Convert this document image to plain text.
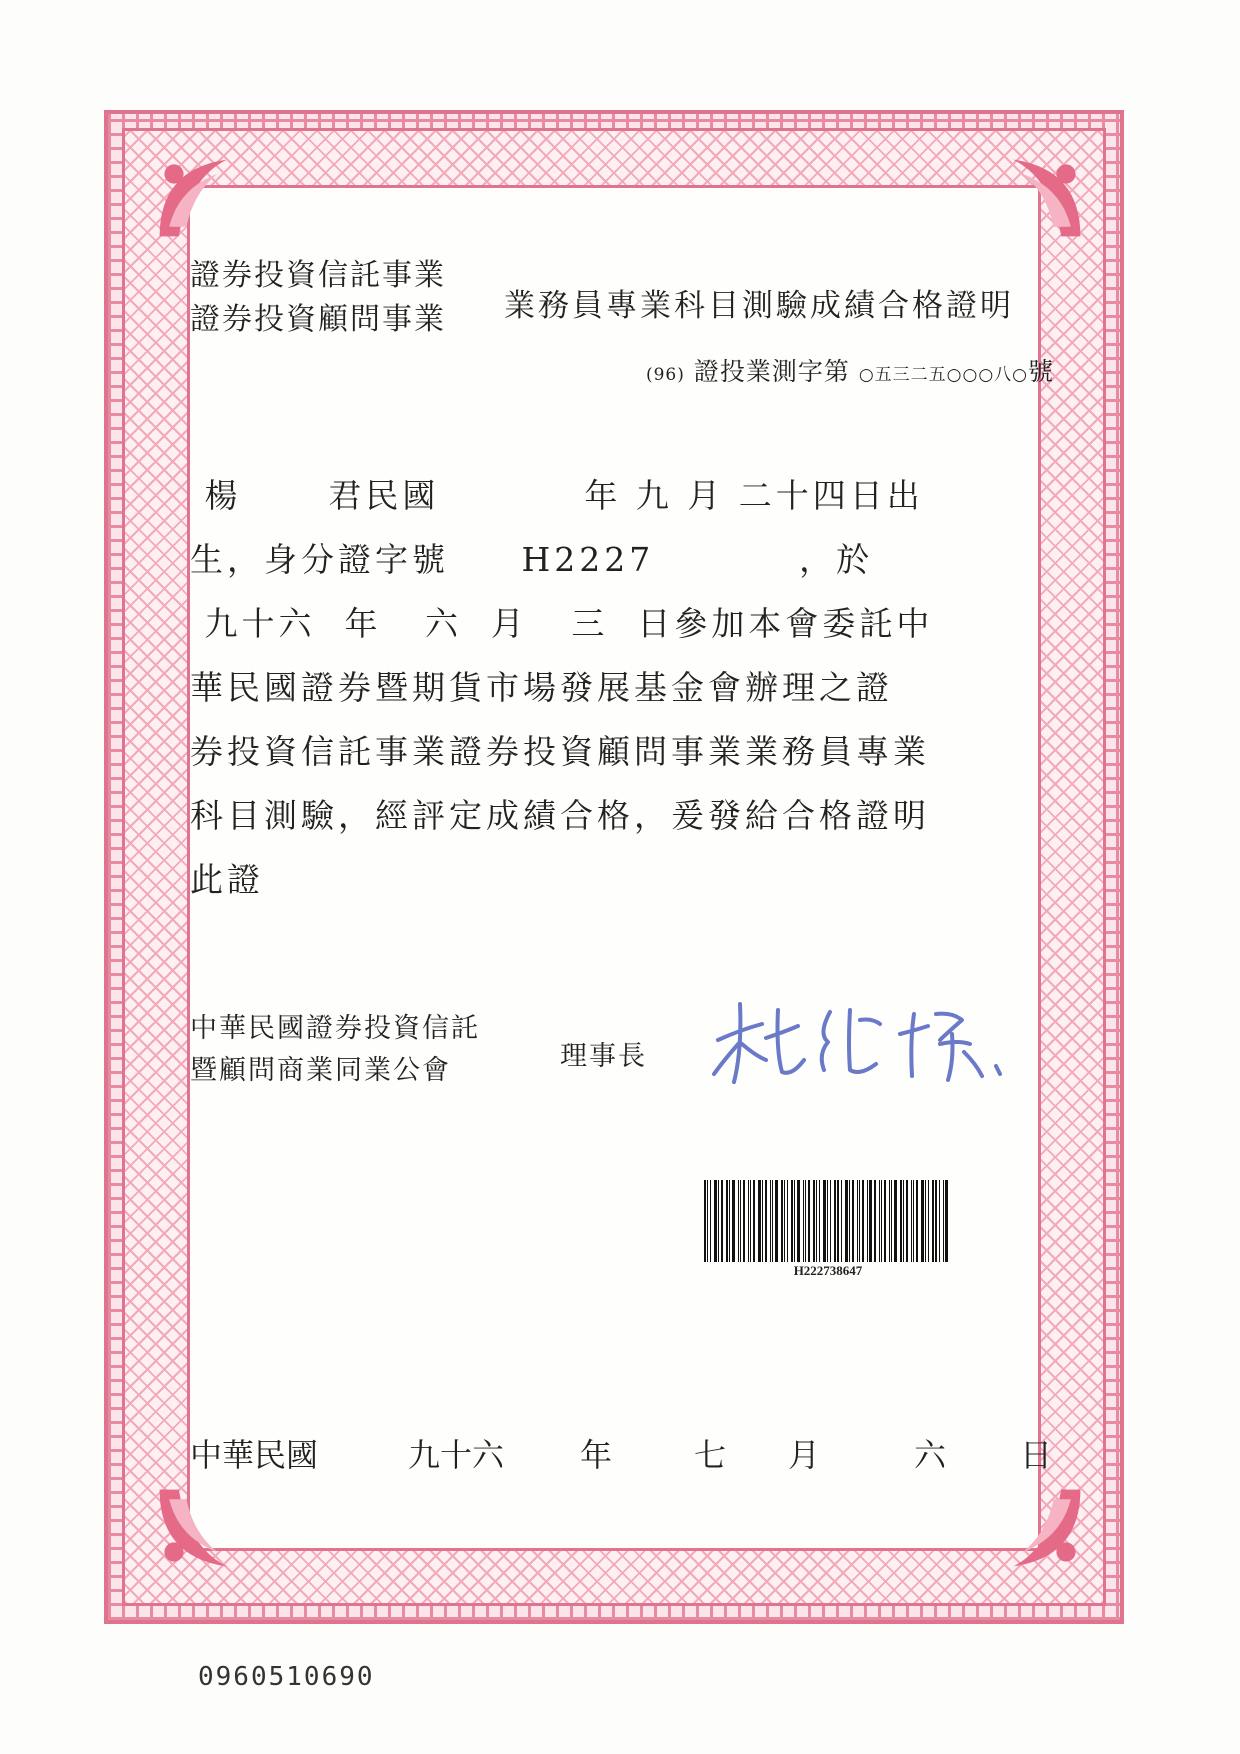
證券投資信託事業
證券投資顧問事業 業務員專業科目測驗成績合格證明
(96) 證投業測字第 ○五三二五○○○八○號
楊      君民國          年 九 月 二十四日出
生，身分證字號     H2227          ，於
九十六  年   六  月   三  日參加本會委託中
華民國證券暨期貨市場發展基金會辦理之證
券投資信託事業證券投資顧問事業業務員專業
科目測驗，經評定成績合格，爰發給合格證明
此證
中華民國證券投資信託
暨顧問商業同業公會	理事長
H222738647
中華民國	九十六 年	七 月	六 日
0960510690
